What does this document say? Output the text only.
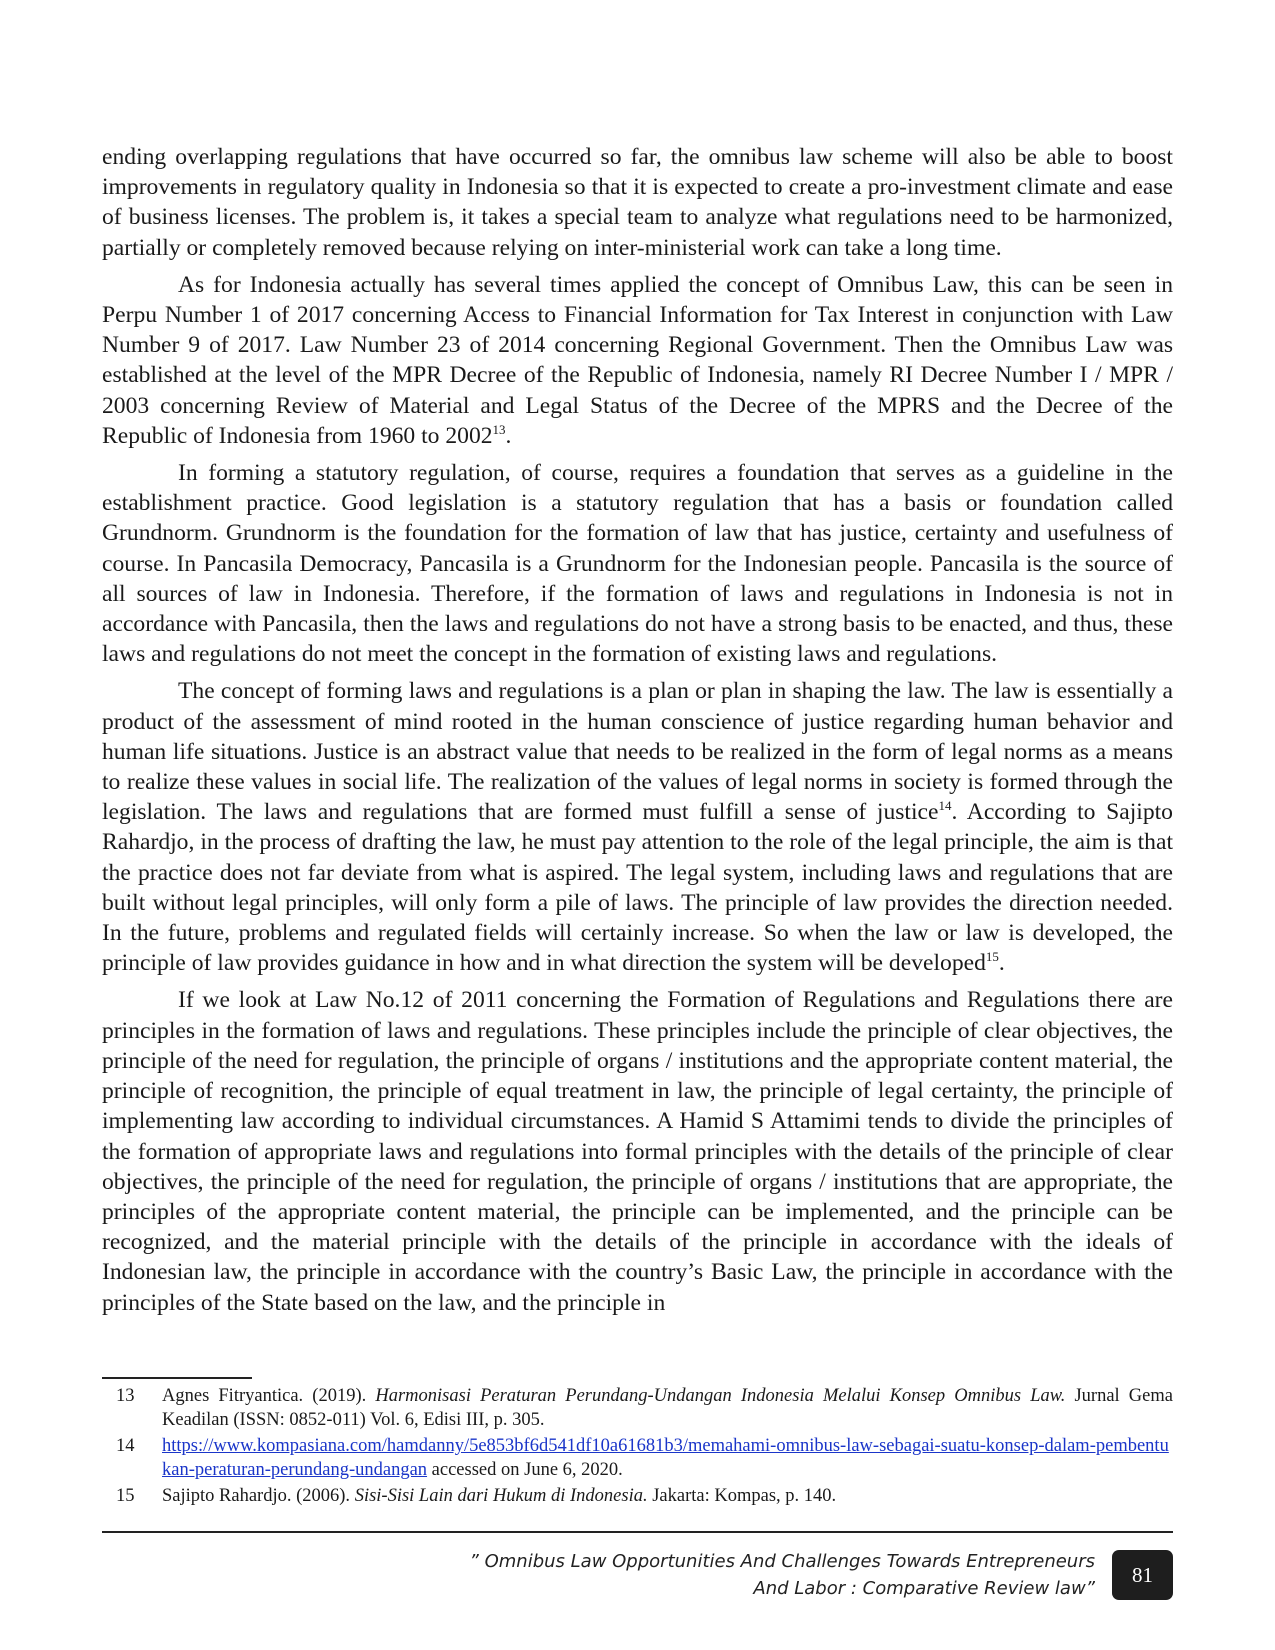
ending overlapping regulations that have occurred so far, the omnibus law scheme will also be able to boost improvements in regulatory quality in Indonesia so that it is expected to create a pro-investment climate and ease of business licenses. The problem is, it takes a special team to analyze what regulations need to be harmonized, partially or completely removed because relying on inter-ministerial work can take a long time.

As for Indonesia actually has several times applied the concept of Omnibus Law, this can be seen in Perpu Number 1 of 2017 concerning Access to Financial Information for Tax Interest in conjunction with Law Number 9 of 2017. Law Number 23 of 2014 concerning Regional Government. Then the Omnibus Law was established at the level of the MPR Decree of the Republic of Indonesia, namely RI Decree Number I / MPR / 2003 concerning Review of Material and Legal Status of the Decree of the MPRS and the Decree of the Republic of Indonesia from 1960 to 2002$^{13}$.

In forming a statutory regulation, of course, requires a foundation that serves as a guideline in the establishment practice. Good legislation is a statutory regulation that has a basis or foundation called Grundnorm. Grundnorm is the foundation for the formation of law that has justice, certainty and usefulness of course. In Pancasila Democracy, Pancasila is a Grundnorm for the Indonesian people. Pancasila is the source of all sources of law in Indonesia. Therefore, if the formation of laws and regulations in Indonesia is not in accordance with Pancasila, then the laws and regulations do not have a strong basis to be enacted, and thus, these laws and regulations do not meet the concept in the formation of existing laws and regulations.

The concept of forming laws and regulations is a plan or plan in shaping the law. The law is essentially a product of the assessment of mind rooted in the human conscience of justice regarding human behavior and human life situations. Justice is an abstract value that needs to be realized in the form of legal norms as a means to realize these values in social life. The realization of the values of legal norms in society is formed through the legislation. The laws and regulations that are formed must fulfill a sense of justice$^{14}$. According to Sajipto Rahardjo, in the process of drafting the law, he must pay attention to the role of the legal principle, the aim is that the practice does not far deviate from what is aspired. The legal system, including laws and regulations that are built without legal principles, will only form a pile of laws. The principle of law provides the direction needed. In the future, problems and regulated fields will certainly increase. So when the law or law is developed, the principle of law provides guidance in how and in what direction the system will be developed$^{15}$.

If we look at Law No.12 of 2011 concerning the Formation of Regulations and Regulations there are principles in the formation of laws and regulations. These principles include the principle of clear objectives, the principle of the need for regulation, the principle of organs / institutions and the appropriate content material, the principle of recognition, the principle of equal treatment in law, the principle of legal certainty, the principle of implementing law according to individual circumstances. A Hamid S Attamimi tends to divide the principles of the formation of appropriate laws and regulations into formal principles with the details of the principle of clear objectives, the principle of the need for regulation, the principle of organs / institutions that are appropriate, the principles of the appropriate content material, the principle can be implemented, and the principle can be recognized, and the material principle with the details of the principle in accordance with the ideals of Indonesian law, the principle in accordance with the country’s Basic Law, the principle in accordance with the principles of the State based on the law, and the principle in

13	Agnes Fitryantica. (2019). Harmonisasi Peraturan Perundang-Undangan Indonesia Melalui Konsep Omnibus Law. Jurnal Gema Keadilan (ISSN: 0852-011) Vol. 6, Edisi III, p. 305.
14	https://www.kompasiana.com/hamdanny/5e853bf6d541df10a61681b3/memahami-omnibus-law-sebagai-suatu-konsep-dalam-pembentukan-peraturan-perundang-undangan accessed on June 6, 2020.
15	Sajipto Rahardjo. (2006). Sisi-Sisi Lain dari Hukum di Indonesia. Jakarta: Kompas, p. 140.
” Omnibus Law Opportunities And Challenges Towards Entrepreneurs
And Labor : Comparative Review law”
81
